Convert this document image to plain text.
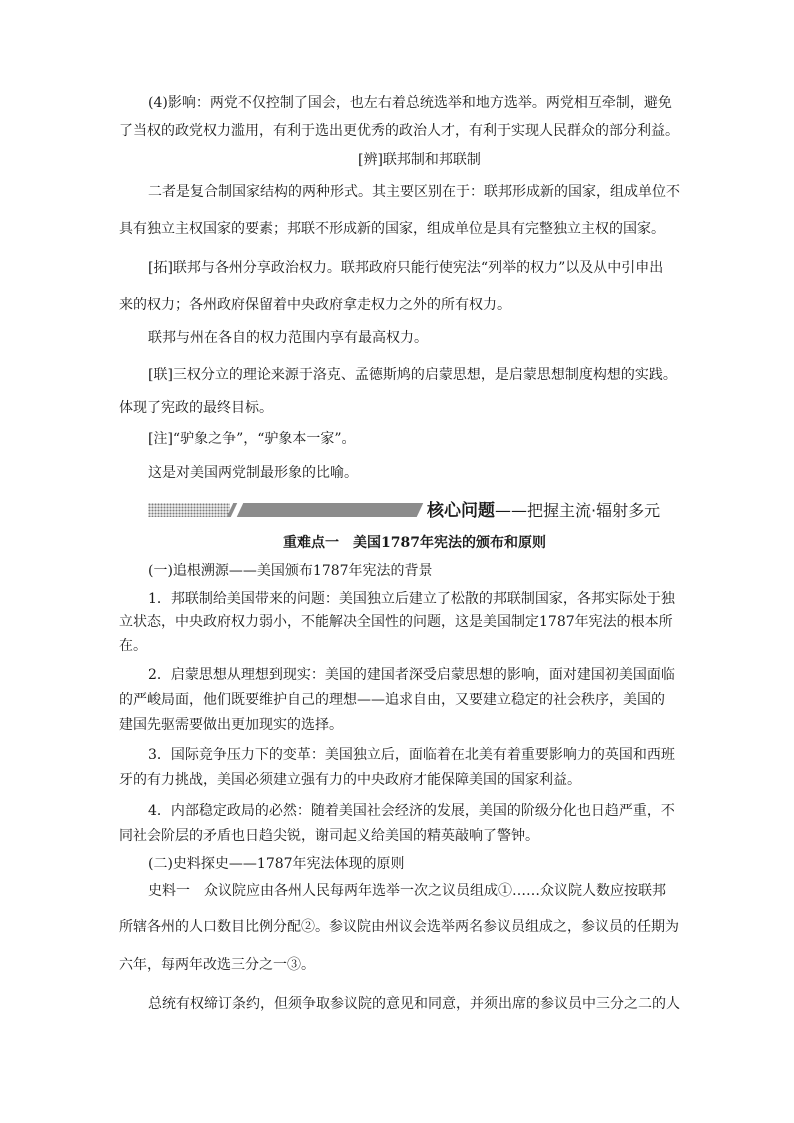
(4)影响：两党不仅控制了国会，也左右着总统选举和地方选举。两党相互牵制，避免
了当权的政党权力滥用，有利于选出更优秀的政治人才，有利于实现人民群众的部分利益。
[辨]联邦制和邦联制
二者是复合制国家结构的两种形式。其主要区别在于：联邦形成新的国家，组成单位不
具有独立主权国家的要素；邦联不形成新的国家，组成单位是具有完整独立主权的国家。
[拓]联邦与各州分享政治权力。联邦政府只能行使宪法“列举的权力”以及从中引申出
来的权力；各州政府保留着中央政府拿走权力之外的所有权力。
联邦与州在各自的权力范围内享有最高权力。
[联]三权分立的理论来源于洛克、孟德斯鸠的启蒙思想，是启蒙思想制度构想的实践。
体现了宪政的最终目标。
[注]“驴象之争”，“驴象本一家”。
这是对美国两党制最形象的比喻。
核心问题——把握主流·辐射多元
重难点一　美国1787年宪法的颁布和原则
(一)追根溯源——美国颁布1787年宪法的背景
1．邦联制给美国带来的问题：美国独立后建立了松散的邦联制国家，各邦实际处于独
立状态，中央政府权力弱小，不能解决全国性的问题，这是美国制定1787年宪法的根本所
在。
2．启蒙思想从理想到现实：美国的建国者深受启蒙思想的影响，面对建国初美国面临
的严峻局面，他们既要维护自己的理想——追求自由，又要建立稳定的社会秩序，美国的
建国先驱需要做出更加现实的选择。
3．国际竞争压力下的变革：美国独立后，面临着在北美有着重要影响力的英国和西班
牙的有力挑战，美国必须建立强有力的中央政府才能保障美国的国家利益。
4．内部稳定政局的必然：随着美国社会经济的发展，美国的阶级分化也日趋严重，不
同社会阶层的矛盾也日趋尖锐，谢司起义给美国的精英敲响了警钟。
(二)史料探史——1787年宪法体现的原则
史料一　众议院应由各州人民每两年选举一次之议员组成①……众议院人数应按联邦
所辖各州的人口数目比例分配②。参议院由州议会选举两名参议员组成之，参议员的任期为
六年，每两年改选三分之一③。
总统有权缔订条约，但须争取参议院的意见和同意，并须出席的参议员中三分之二的人
